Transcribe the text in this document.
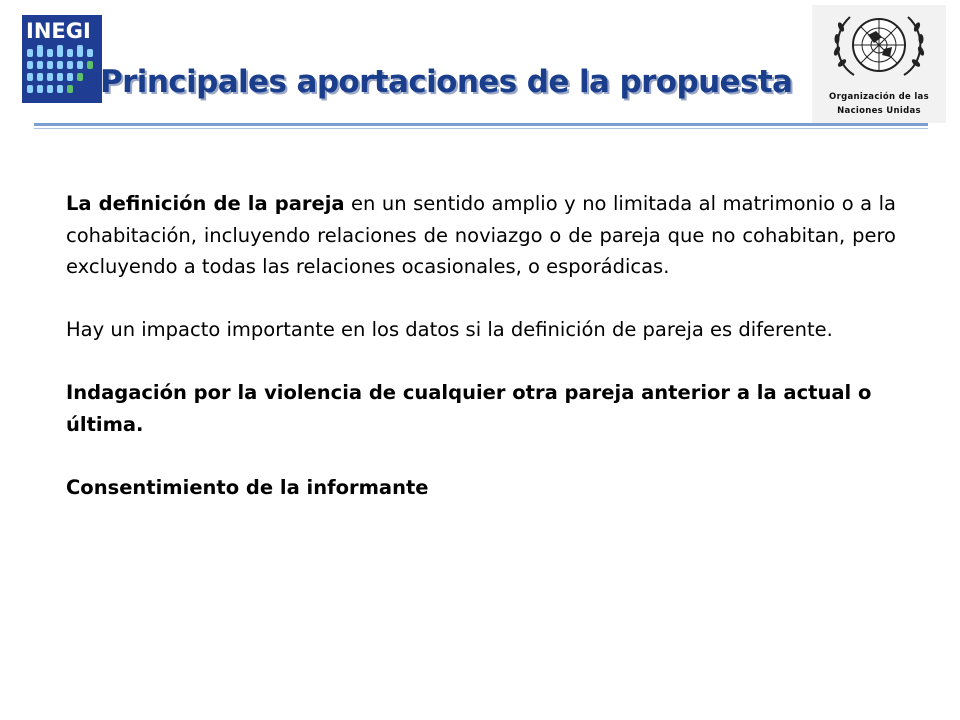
INEGI
Principales aportaciones de la propuesta	Organización de las
Naciones Unidas

La definición de la pareja en un sentido amplio y no limitada al matrimonio o a la cohabitación, incluyendo relaciones de noviazgo o de pareja que no cohabitan, pero excluyendo a todas las relaciones ocasionales, o esporádicas.

Hay un impacto importante en los datos si la definición de pareja es diferente.

Indagación por la violencia de cualquier otra pareja anterior a la actual o última.

Consentimiento de la informante
